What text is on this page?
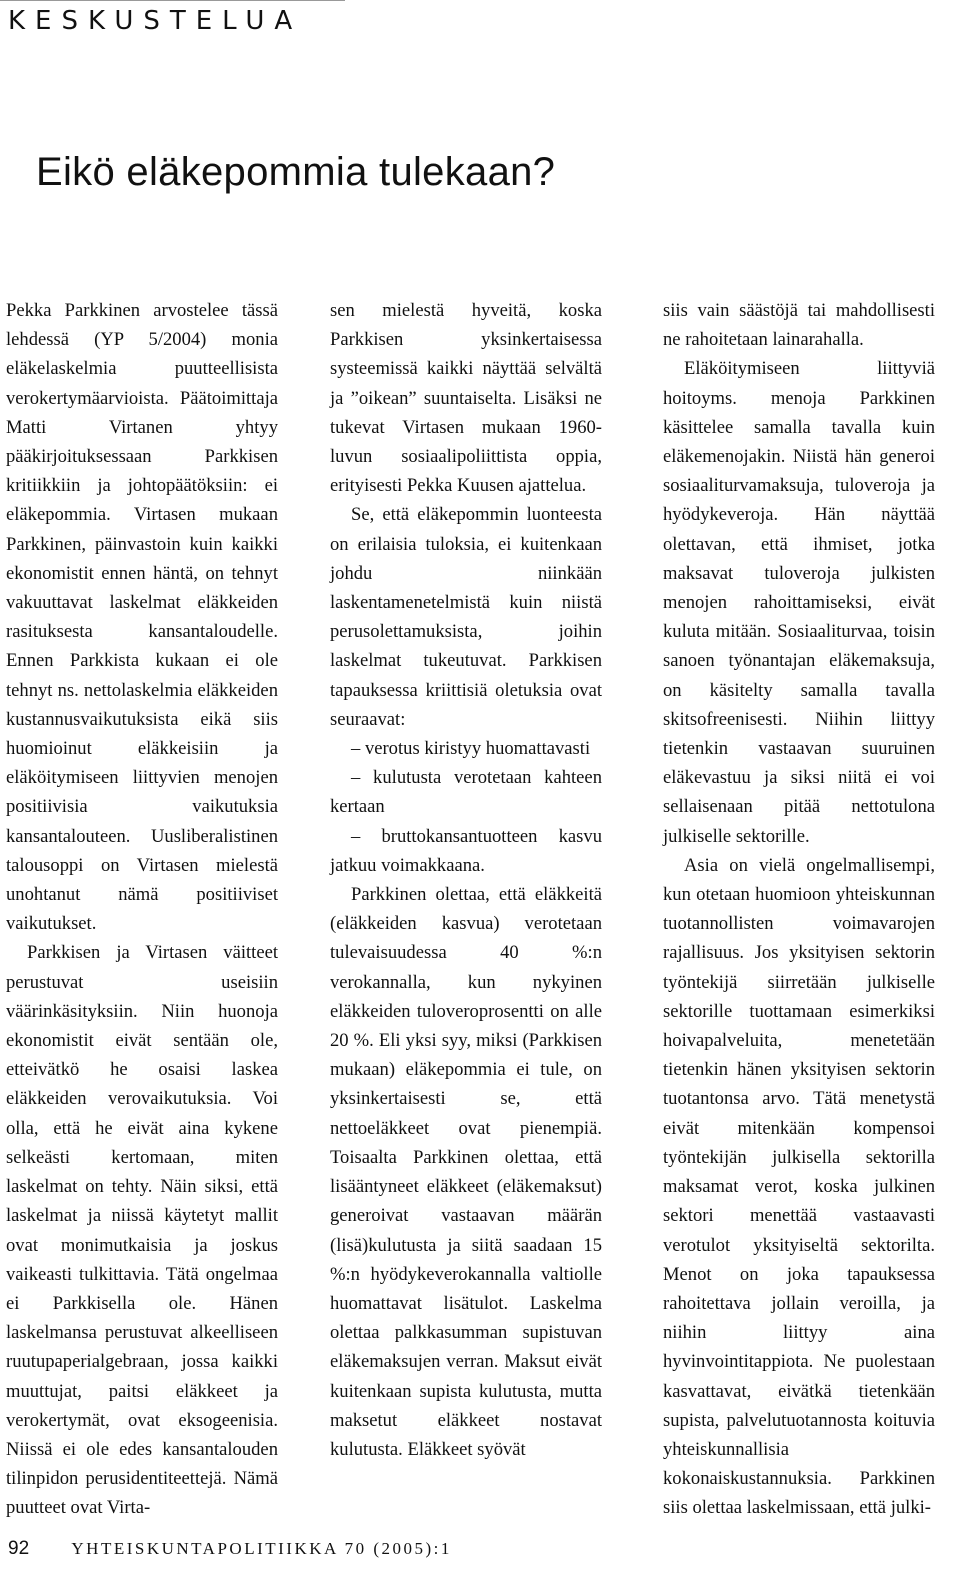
KESKUSTELUA
Eikö eläkepommia tulekaan?

Pekka Parkkinen arvostelee tässä lehdessä (YP 5/2004) monia eläkelaskelmia puutteellisista verokertymäarvioista. Päätoimittaja Matti Virtanen yhtyy pääkirjoituksessaan Parkkisen kritiikkiin ja johtopäätöksiin: ei eläkepommia. Virtasen mukaan Parkkinen, päinvastoin kuin kaikki ekonomistit ennen häntä, on tehnyt vakuuttavat laskelmat eläkkeiden rasituksesta kansantaloudelle. Ennen Parkkista kukaan ei ole tehnyt ns. nettolaskelmia eläkkeiden kustannusvaikutuksista eikä siis huomioinut eläkkeisiin ja eläköitymiseen liittyvien menojen positiivisia vaikutuksia kansantalouteen. Uusliberalistinen talousoppi on Virtasen mielestä unohtanut nämä positiiviset vaikutukset.

Parkkisen ja Virtasen väitteet perustuvat useisiin väärinkäsityksiin. Niin huonoja ekonomistit eivät sentään ole, etteivätkö he osaisi laskea eläkkeiden verovaikutuksia. Voi olla, että he eivät aina kykene selkeästi kertomaan, miten laskelmat on tehty. Näin siksi, että laskelmat ja niissä käytetyt mallit ovat monimutkaisia ja joskus vaikeasti tulkittavia. Tätä ongelmaa ei Parkkisella ole. Hänen laskelmansa perustuvat alkeelliseen ruutupaperialgebraan, jossa kaikki muuttujat, paitsi eläkkeet ja verokertymät, ovat eksogeenisia. Niissä ei ole edes kansantalouden tilinpidon perusidentiteettejä. Nämä puutteet ovat Virta-

sen mielestä hyveitä, koska Parkkisen yksinkertaisessa systeemissä kaikki näyttää selvältä ja ”oikean” suuntaiselta. Lisäksi ne tukevat Virtasen mukaan 1960-luvun sosiaalipoliittista oppia, erityisesti Pekka Kuusen ajattelua.

Se, että eläkepommin luonteesta on erilaisia tuloksia, ei kuitenkaan johdu niinkään laskentamenetelmistä kuin niistä perusolettamuksista, joihin laskelmat tukeutuvat. Parkkisen tapauksessa kriittisiä oletuksia ovat seuraavat:

– verotus kiristyy huomattavasti

– kulutusta verotetaan kahteen kertaan

– bruttokansantuotteen kasvu jatkuu voimakkaana.

Parkkinen olettaa, että eläkkeitä (eläkkeiden kasvua) verotetaan tulevaisuudessa 40 %:n verokannalla, kun nykyinen eläkkeiden tuloveroprosentti on alle 20 %. Eli yksi syy, miksi (Parkkisen mukaan) eläkepommia ei tule, on yksinkertaisesti se, että nettoeläkkeet ovat pienempiä. Toisaalta Parkkinen olettaa, että lisääntyneet eläkkeet (eläkemaksut) generoivat vastaavan määrän (lisä)kulutusta ja siitä saadaan 15 %:n hyödykeverokannalla valtiolle huomattavat lisätulot. Laskelma olettaa palkkasumman supistuvan eläkemaksujen verran. Maksut eivät kuitenkaan supista kulutusta, mutta maksetut eläkkeet nostavat kulutusta. Eläkkeet syövät

siis vain säästöjä tai mahdollisesti ne rahoitetaan lainarahalla.

Eläköitymiseen liittyviä hoitoyms. menoja Parkkinen käsittelee samalla tavalla kuin eläkemenojakin. Niistä hän generoi sosiaaliturvamaksuja, tuloveroja ja hyödykeveroja. Hän näyttää olettavan, että ihmiset, jotka maksavat tuloveroja julkisten menojen rahoittamiseksi, eivät kuluta mitään. Sosiaaliturvaa, toisin sanoen työnantajan eläkemaksuja, on käsitelty samalla tavalla skitsofreenisesti. Niihin liittyy tietenkin vastaavan suuruinen eläkevastuu ja siksi niitä ei voi sellaisenaan pitää nettotulona julkiselle sektorille.

Asia on vielä ongelmallisempi, kun otetaan huomioon yhteiskunnan tuotannollisten voimavarojen rajallisuus. Jos yksityisen sektorin työntekijä siirretään julkiselle sektorille tuottamaan esimerkiksi hoivapalveluita, menetetään tietenkin hänen yksityisen sektorin tuotantonsa arvo. Tätä menetystä eivät mitenkään kompensoi työntekijän julkisella sektorilla maksamat verot, koska julkinen sektori menettää vastaavasti verotulot yksityiseltä sektorilta. Menot on joka tapauksessa rahoitettava jollain veroilla, ja niihin liittyy aina hyvinvointitappiota. Ne puolestaan kasvattavat, eivätkä tietenkään supista, palvelutuotannosta koituvia yhteiskunnallisia kokonaiskustannuksia. Parkkinen siis olettaa laskelmissaan, että julki-

92 YHTEISKUNTAPOLITIIKKA 70 (2005):1
